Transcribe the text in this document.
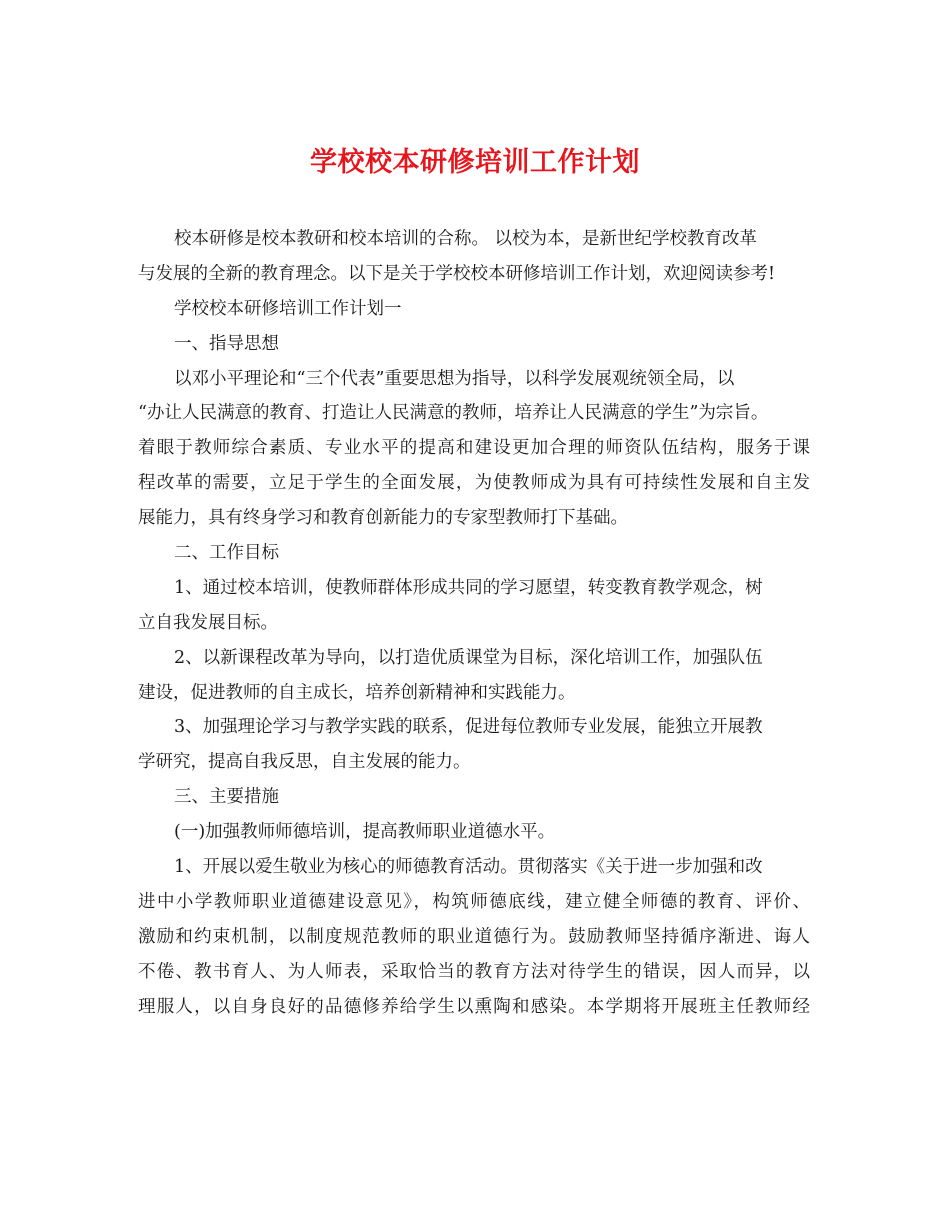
学校校本研修培训工作计划

校本研修是校本教研和校本培训的合称。 以校为本，是新世纪学校教育改革

与发展的全新的教育理念。以下是关于学校校本研修培训工作计划，欢迎阅读参考!

学校校本研修培训工作计划一

一、指导思想

以邓小平理论和“三个代表”重要思想为指导，以科学发展观统领全局，以

“办让人民满意的教育、打造让人民满意的教师，培养让人民满意的学生”为宗旨。

着眼于教师综合素质、专业水平的提高和建设更加合理的师资队伍结构，服务于课

程改革的需要，立足于学生的全面发展，为使教师成为具有可持续性发展和自主发

展能力，具有终身学习和教育创新能力的专家型教师打下基础。

二、工作目标

1、通过校本培训，使教师群体形成共同的学习愿望，转变教育教学观念，树

立自我发展目标。

2、以新课程改革为导向，以打造优质课堂为目标，深化培训工作，加强队伍

建设，促进教师的自主成长，培养创新精神和实践能力。

3、加强理论学习与教学实践的联系，促进每位教师专业发展，能独立开展教

学研究，提高自我反思，自主发展的能力。

三、主要措施

(一)加强教师师德培训，提高教师职业道德水平。

1、开展以爱生敬业为核心的师德教育活动。贯彻落实《关于进一步加强和改

进中小学教师职业道德建设意见》，构筑师德底线，建立健全师德的教育、评价、

激励和约束机制，以制度规范教师的职业道德行为。鼓励教师坚持循序渐进、诲人

不倦、教书育人、为人师表，采取恰当的教育方法对待学生的错误，因人而异，以

理服人，以自身良好的品德修养给学生以熏陶和感染。本学期将开展班主任教师经
